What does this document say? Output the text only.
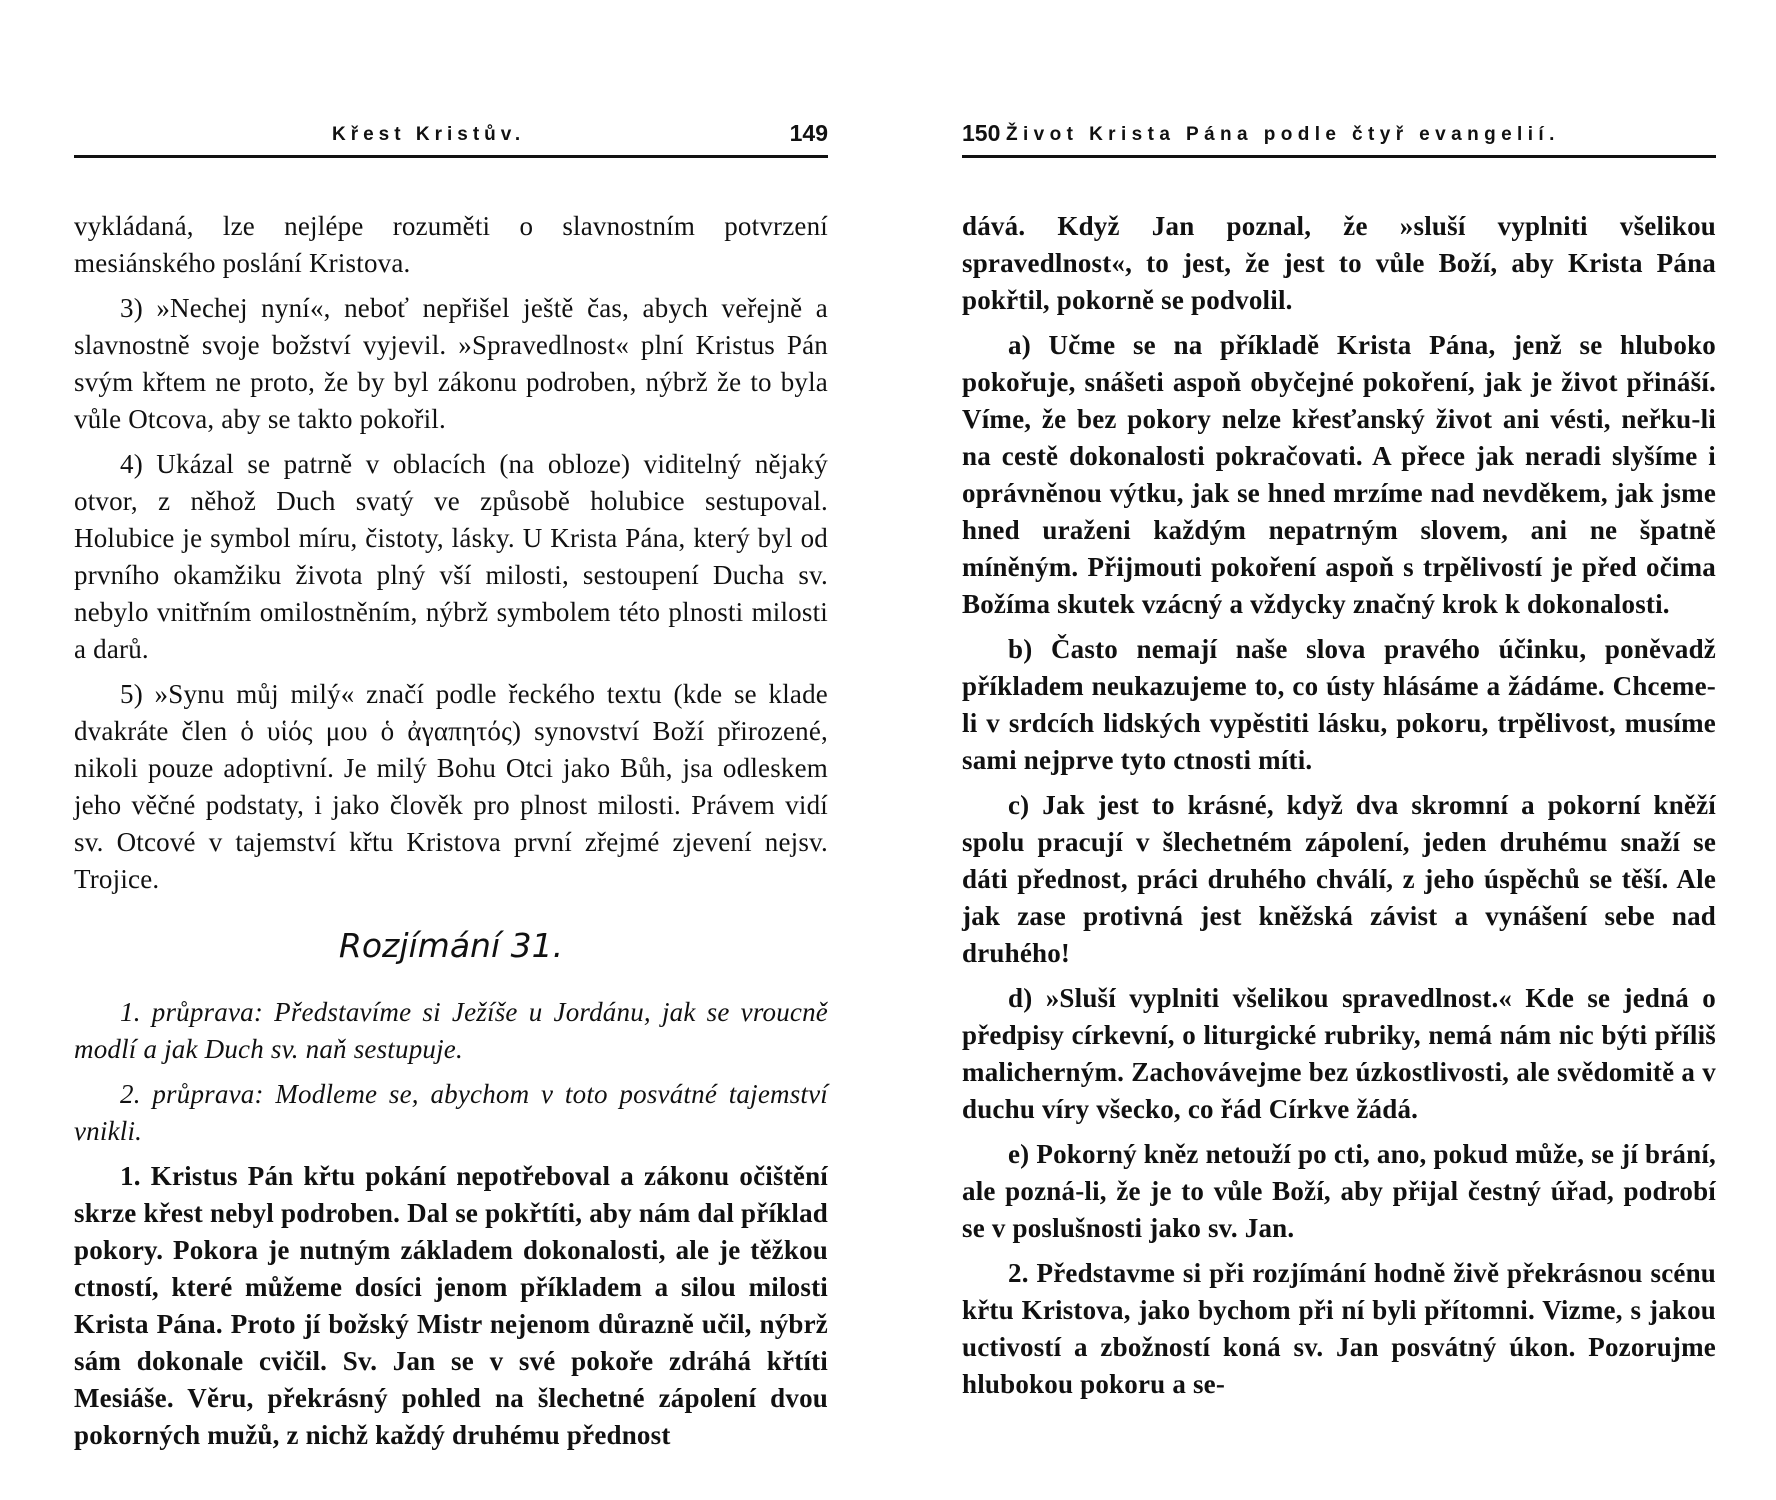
Křest Kristův.	149

vykládaná, lze nejlépe rozuměti o slavnostním potvrzení mesiánského poslání Kristova.

3) »Nechej nyní«, neboť nepřišel ještě čas, abych veřejně a slavnostně svoje božství vyjevil. »Spravedlnost« plní Kristus Pán svým křtem ne proto, že by byl zákonu podroben, nýbrž že to byla vůle Otcova, aby se takto pokořil.

4) Ukázal se patrně v oblacích (na obloze) viditelný nějaký otvor, z něhož Duch svatý ve způsobě holubice sestupoval. Holubice je symbol míru, čistoty, lásky. U Krista Pána, který byl od prvního okamžiku života plný vší milosti, sestoupení Ducha sv. nebylo vnitřním omilostněním, nýbrž symbolem této plnosti milosti a darů.

5) »Synu můj milý« značí podle řeckého textu (kde se klade dvakráte člen ὁ υἱός μου ὁ ἀγαπητός) synovství Boží přirozené, nikoli pouze adoptivní. Je milý Bohu Otci jako Bůh, jsa odleskem jeho věčné podstaty, i jako člověk pro plnost milosti. Právem vidí sv. Otcové v tajemství křtu Kristova první zřejmé zjevení nejsv. Trojice.

Rozjímání 31.

1. průprava: Představíme si Ježíše u Jordánu, jak se vroucně modlí a jak Duch sv. naň sestupuje.

2. průprava: Modleme se, abychom v toto posvátné tajemství vnikli.

1. Kristus Pán křtu pokání nepotřeboval a zákonu očištění skrze křest nebyl podroben. Dal se pokřtíti, aby nám dal příklad pokory. Pokora je nutným základem dokonalosti, ale je těžkou ctností, které můžeme dosíci jenom příkladem a silou milosti Krista Pána. Proto jí božský Mistr nejenom důrazně učil, nýbrž sám dokonale cvičil. Sv. Jan se v své pokoře zdráhá křtíti Mesiáše. Věru, překrásný pohled na šlechetné zápolení dvou pokorných mužů, z nichž každý druhému přednost

150 Život Krista Pána podle čtyř evangelií.

dává. Když Jan poznal, že »sluší vyplniti všelikou spravedlnost«, to jest, že jest to vůle Boží, aby Krista Pána pokřtil, pokorně se podvolil.

a) Učme se na příkladě Krista Pána, jenž se hluboko pokořuje, snášeti aspoň obyčejné pokoření, jak je život přináší. Víme, že bez pokory nelze křesťanský život ani vésti, neřku-li na cestě dokonalosti pokračovati. A přece jak neradi slyšíme i oprávněnou výtku, jak se hned mrzíme nad nevděkem, jak jsme hned uraženi každým nepatrným slovem, ani ne špatně míněným. Přijmouti pokoření aspoň s trpělivostí je před očima Božíma skutek vzácný a vždycky značný krok k dokonalosti.

b) Často nemají naše slova pravého účinku, poněvadž příkladem neukazujeme to, co ústy hlásáme a žádáme. Chceme-li v srdcích lidských vypěstiti lásku, pokoru, trpělivost, musíme sami nejprve tyto ctnosti míti.

c) Jak jest to krásné, když dva skromní a pokorní kněží spolu pracují v šlechetném zápolení, jeden druhému snaží se dáti přednost, práci druhého chválí, z jeho úspěchů se těší. Ale jak zase protivná jest kněžská závist a vynášení sebe nad druhého!

d) »Sluší vyplniti všelikou spravedlnost.« Kde se jedná o předpisy církevní, o liturgické rubriky, nemá nám nic býti příliš malicherným. Zachovávejme bez úzkostlivosti, ale svědomitě a v duchu víry všecko, co řád Církve žádá.

e) Pokorný kněz netouží po cti, ano, pokud může, se jí brání, ale pozná-li, že je to vůle Boží, aby přijal čestný úřad, podrobí se v poslušnosti jako sv. Jan.

2. Představme si při rozjímání hodně živě překrásnou scénu křtu Kristova, jako bychom při ní byli přítomni. Vizme, s jakou uctivostí a zbožností koná sv. Jan posvátný úkon. Pozorujme hlubokou pokoru a se-
